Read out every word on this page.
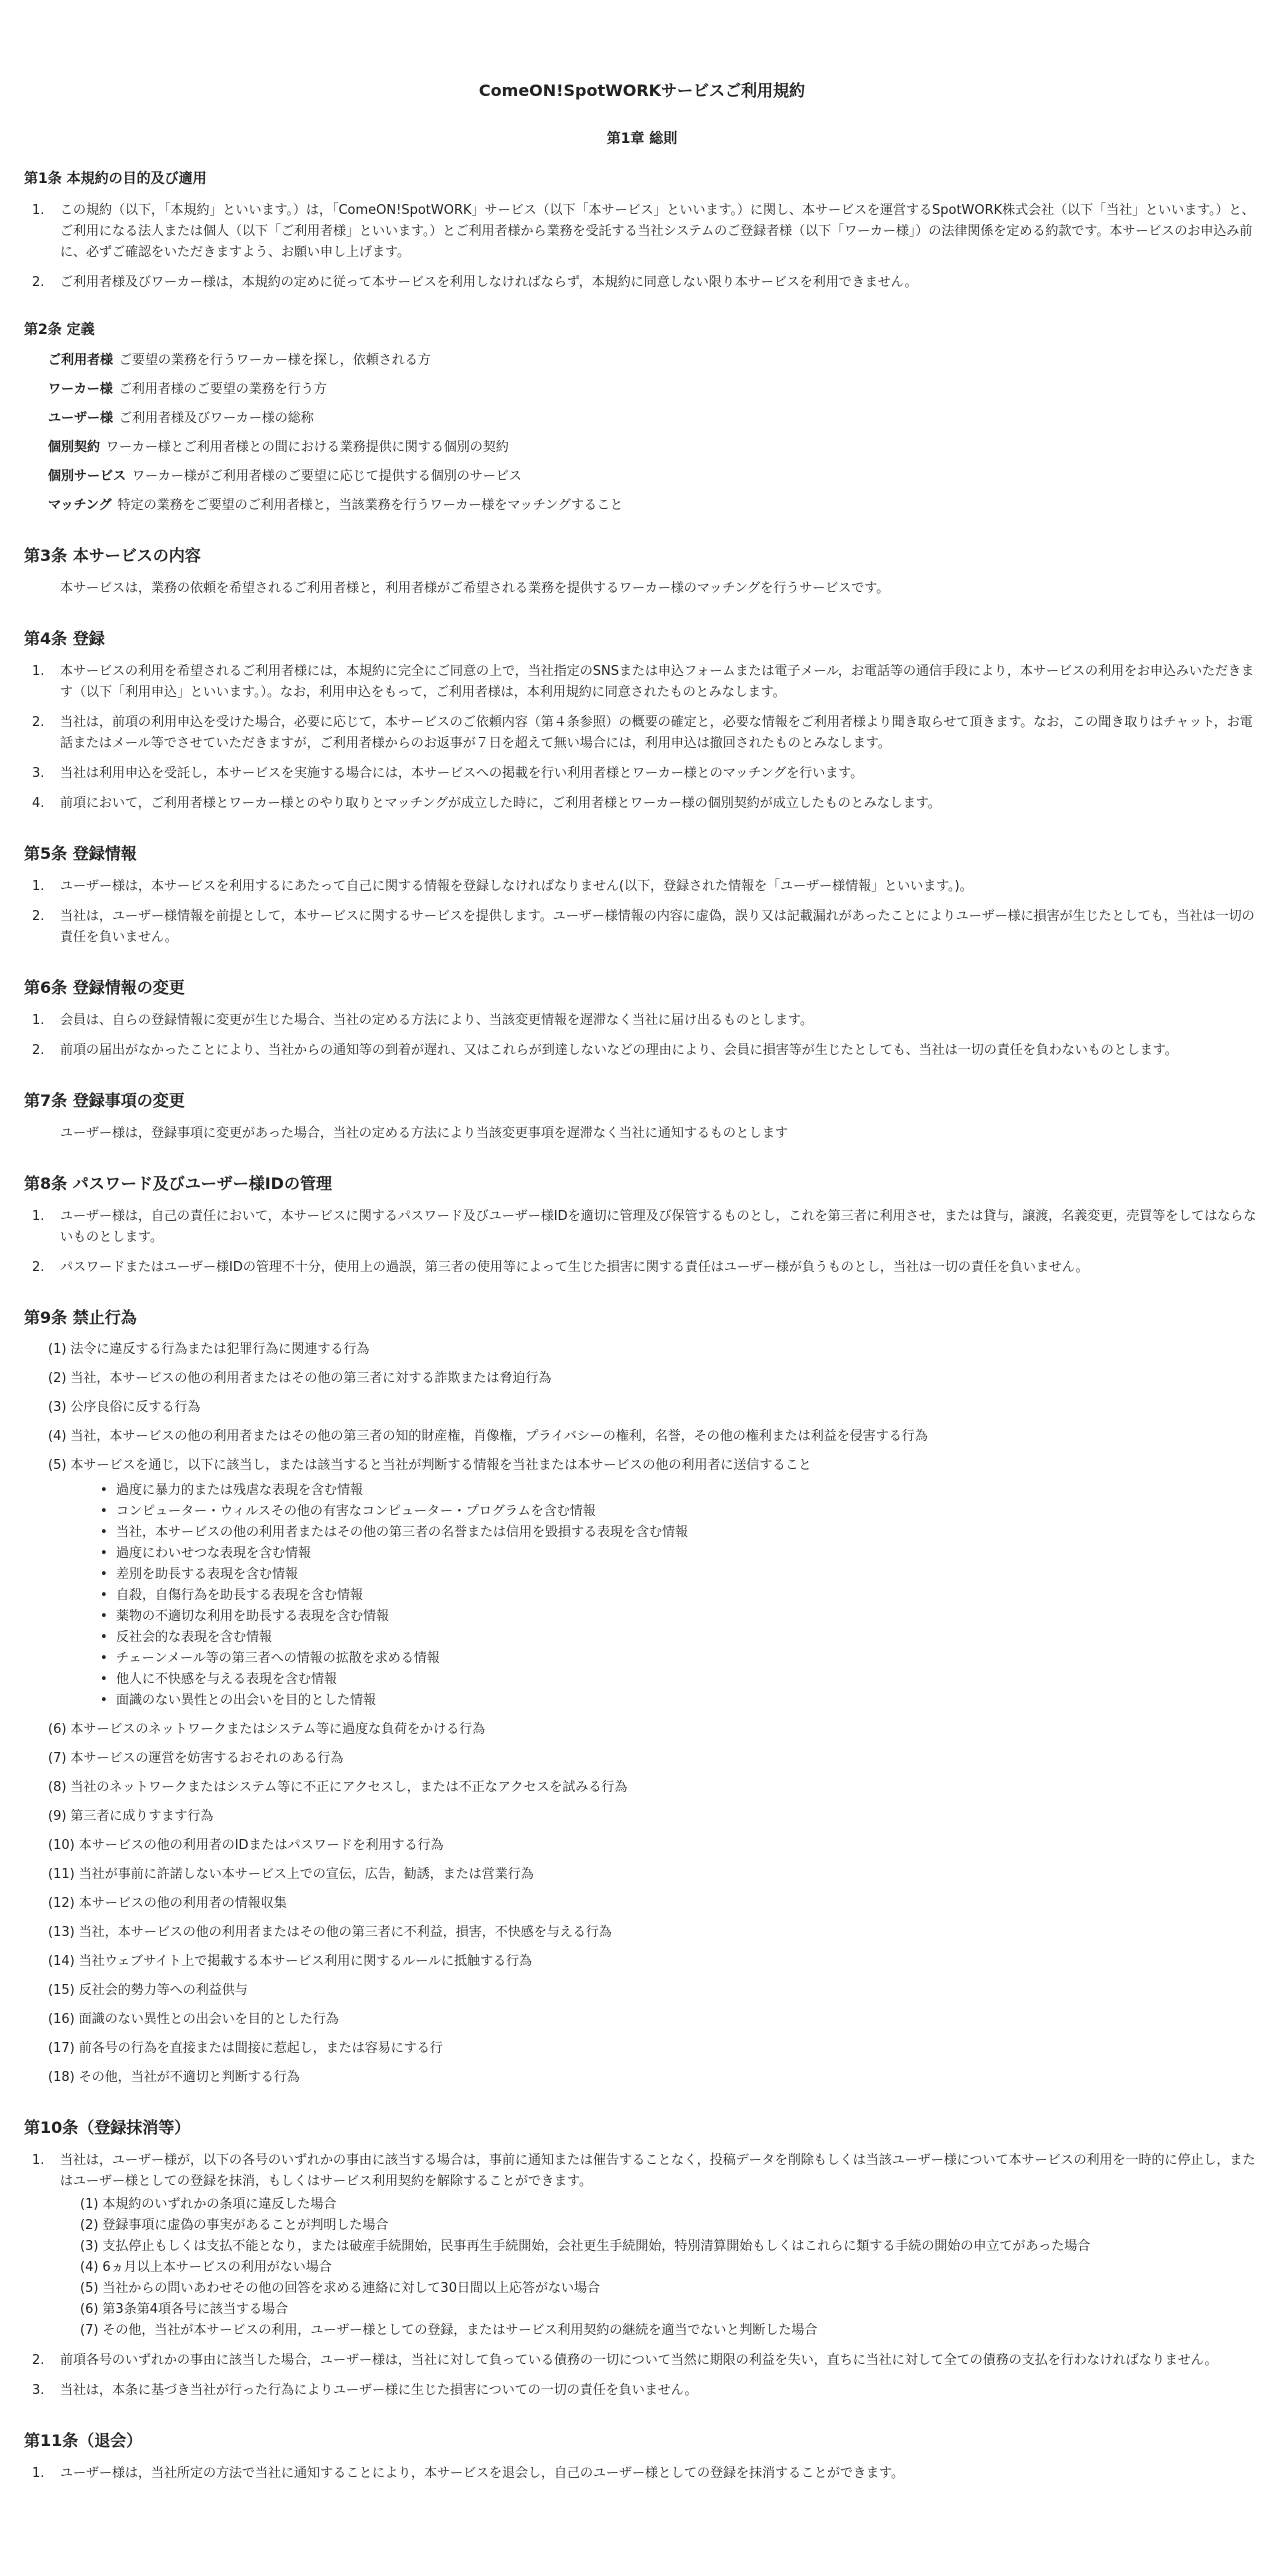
ComeON!SpotWORKサービスご利用規約
第1章 総則
第1条 本規約の目的及び適用
1. この規約（以下，「本規約」といいます。）は，「ComeON!SpotWORK」サービス（以下「本サービス」といいます。）に関し、本サービスを運営するSpotWORK株式会社（以下「当社」といいます。）と、ご利用になる法人または個人（以下「ご利用者様」といいます。）とご利用者様から業務を受託する当社システムのご登録者様（以下「ワーカー様」）の法律関係を定める約款です。本サービスのお申込み前に、必ずご確認をいただきますよう、お願い申し上げます。
2. ご利用者様及びワーカー様は，本規約の定めに従って本サービスを利用しなければならず，本規約に同意しない限り本サービスを利用できません。
第2条 定義
ご利用者様 ご要望の業務を行うワーカー様を探し，依頼される方
ワーカー様 ご利用者様のご要望の業務を行う方
ユーザー様 ご利用者様及びワーカー様の総称
個別契約 ワーカー様とご利用者様との間における業務提供に関する個別の契約
個別サービス ワーカー様がご利用者様のご要望に応じて提供する個別のサービス
マッチング 特定の業務をご要望のご利用者様と，当該業務を行うワーカー様をマッチングすること
第3条 本サービスの内容

本サービスは，業務の依頼を希望されるご利用者様と，利用者様がご希望される業務を提供するワーカー様のマッチングを行うサービスです。

第4条 登録
1. 本サービスの利用を希望されるご利用者様には，本規約に完全にご同意の上で，当社指定のSNSまたは申込フォームまたは電子メール，お電話等の通信手段により，本サービスの利用をお申込みいただきます（以下「利用申込」といいます。）。なお，利用申込をもって，ご利用者様は，本利用規約に同意されたものとみなします。
2. 当社は，前項の利用申込を受けた場合，必要に応じて，本サービスのご依頼内容（第４条参照）の概要の確定と，必要な情報をご利用者様より聞き取らせて頂きます。なお，この聞き取りはチャット，お電話またはメール等でさせていただきますが，ご利用者様からのお返事が７日を超えて無い場合には，利用申込は撤回されたものとみなします。
3. 当社は利用申込を受託し，本サービスを実施する場合には，本サービスへの掲載を行い利用者様とワーカー様とのマッチングを行います。
4. 前項において，ご利用者様とワーカー様とのやり取りとマッチングが成立した時に，ご利用者様とワーカー様の個別契約が成立したものとみなします。
第5条 登録情報
1. ユーザー様は，本サービスを利用するにあたって自己に関する情報を登録しなければなりません(以下，登録された情報を「ユーザー様情報」といいます。)。
2. 当社は，ユーザー様情報を前提として，本サービスに関するサービスを提供します。ユーザー様情報の内容に虚偽，誤り又は記載漏れがあったことによりユーザー様に損害が生じたとしても，当社は一切の責任を負いません。
第6条 登録情報の変更
1. 会員は、自らの登録情報に変更が生じた場合、当社の定める方法により、当該変更情報を遅滞なく当社に届け出るものとします。
2. 前項の届出がなかったことにより、当社からの通知等の到着が遅れ、又はこれらが到達しないなどの理由により、会員に損害等が生じたとしても、当社は一切の責任を負わないものとします。
第7条 登録事項の変更

ユーザー様は，登録事項に変更があった場合，当社の定める方法により当該変更事項を遅滞なく当社に通知するものとします

第8条 パスワード及びユーザー様IDの管理
1. ユーザー様は，自己の責任において，本サービスに関するパスワード及びユーザー様IDを適切に管理及び保管するものとし，これを第三者に利用させ，または貸与，譲渡，名義変更，売買等をしてはならないものとします。
2. パスワードまたはユーザー様IDの管理不十分，使用上の過誤，第三者の使用等によって生じた損害に関する責任はユーザー様が負うものとし，当社は一切の責任を負いません。
第9条 禁止行為
(1) 法令に違反する行為または犯罪行為に関連する行為
(2) 当社，本サービスの他の利用者またはその他の第三者に対する詐欺または脅迫行為
(3) 公序良俗に反する行為
(4) 当社，本サービスの他の利用者またはその他の第三者の知的財産権，肖像権，プライバシーの権利，名誉，その他の権利または利益を侵害する行為
(5) 本サービスを通じ，以下に該当し，または該当すると当社が判断する情報を当社または本サービスの他の利用者に送信すること
• 過度に暴力的または残虐な表現を含む情報
• コンピューター・ウィルスその他の有害なコンピューター・プログラムを含む情報
• 当社，本サービスの他の利用者またはその他の第三者の名誉または信用を毀損する表現を含む情報
• 過度にわいせつな表現を含む情報
• 差別を助長する表現を含む情報
• 自殺，自傷行為を助長する表現を含む情報
• 薬物の不適切な利用を助長する表現を含む情報
• 反社会的な表現を含む情報
• チェーンメール等の第三者への情報の拡散を求める情報
• 他人に不快感を与える表現を含む情報
• 面識のない異性との出会いを目的とした情報
(6) 本サービスのネットワークまたはシステム等に過度な負荷をかける行為
(7) 本サービスの運営を妨害するおそれのある行為
(8) 当社のネットワークまたはシステム等に不正にアクセスし，または不正なアクセスを試みる行為
(9) 第三者に成りすます行為
(10) 本サービスの他の利用者のIDまたはパスワードを利用する行為
(11) 当社が事前に許諾しない本サービス上での宣伝，広告，勧誘，または営業行為
(12) 本サービスの他の利用者の情報収集
(13) 当社，本サービスの他の利用者またはその他の第三者に不利益，損害，不快感を与える行為
(14) 当社ウェブサイト上で掲載する本サービス利用に関するルールに抵触する行為
(15) 反社会的勢力等への利益供与
(16) 面識のない異性との出会いを目的とした行為
(17) 前各号の行為を直接または間接に惹起し，または容易にする行
(18) その他，当社が不適切と判断する行為
第10条（登録抹消等）
1. 当社は，ユーザー様が，以下の各号のいずれかの事由に該当する場合は，事前に通知または催告することなく，投稿データを削除もしくは当該ユーザー様について本サービスの利用を一時的に停止し，またはユーザー様としての登録を抹消，もしくはサービス利用契約を解除することができます。
(1) 本規約のいずれかの条項に違反した場合
(2) 登録事項に虚偽の事実があることが判明した場合
(3) 支払停止もしくは支払不能となり，または破産手続開始，民事再生手続開始，会社更生手続開始，特別清算開始もしくはこれらに類する手続の開始の申立てがあった場合
(4) 6ヵ月以上本サービスの利用がない場合
(5) 当社からの問いあわせその他の回答を求める連絡に対して30日間以上応答がない場合
(6) 第3条第4項各号に該当する場合
(7) その他，当社が本サービスの利用，ユーザー様としての登録，またはサービス利用契約の継続を適当でないと判断した場合
2. 前項各号のいずれかの事由に該当した場合，ユーザー様は，当社に対して負っている債務の一切について当然に期限の利益を失い，直ちに当社に対して全ての債務の支払を行わなければなりません。
3. 当社は，本条に基づき当社が行った行為によりユーザー様に生じた損害についての一切の責任を負いません。
第11条（退会）
1. ユーザー様は，当社所定の方法で当社に通知することにより，本サービスを退会し，自己のユーザー様としての登録を抹消することができます。
